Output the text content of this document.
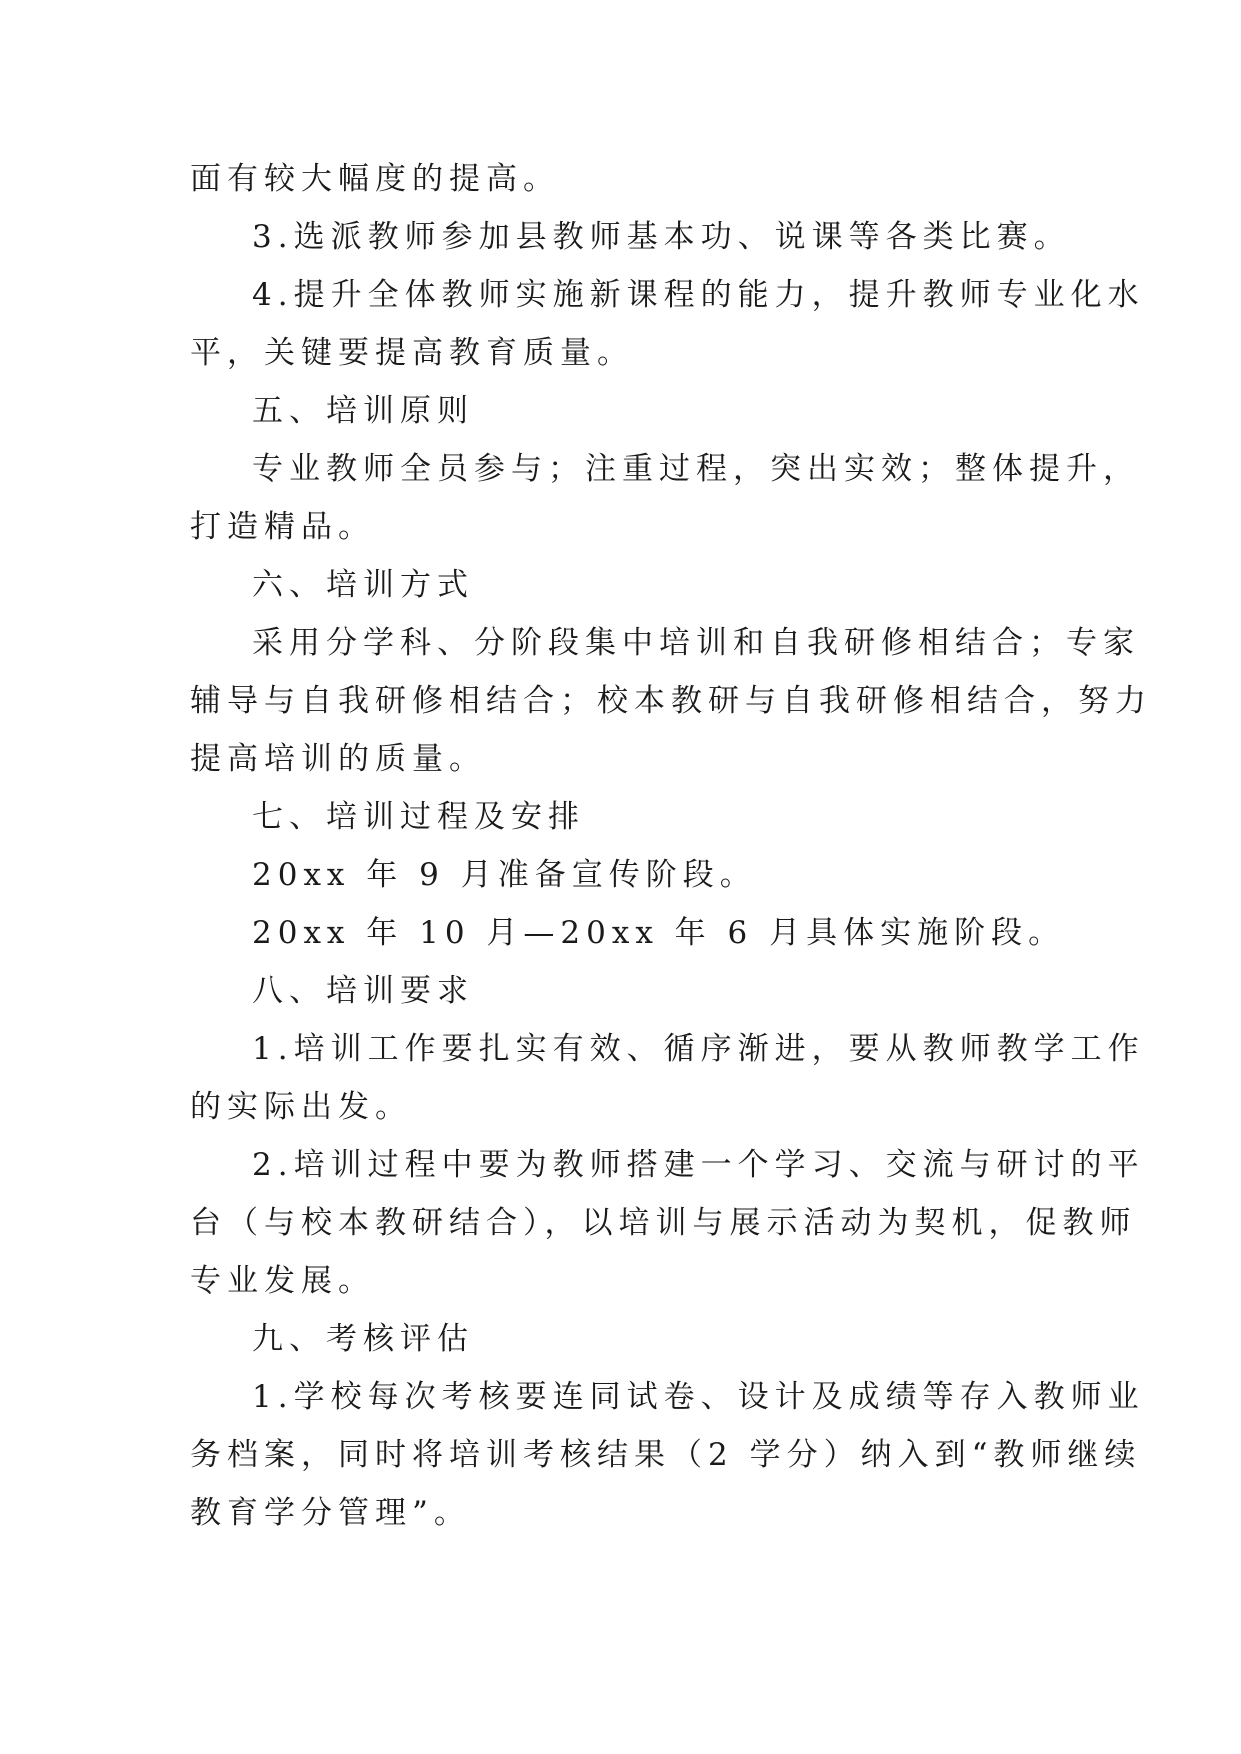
面有较大幅度的提高。

3.选派教师参加县教师基本功、说课等各类比赛。

4.提升全体教师实施新课程的能力，提升教师专业化水
平，关键要提高教育质量。

五、培训原则

专业教师全员参与；注重过程，突出实效；整体提升，
打造精品。

六、培训方式

采用分学科、分阶段集中培训和自我研修相结合；专家
辅导与自我研修相结合；校本教研与自我研修相结合，努力
提高培训的质量。

七、培训过程及安排

20xx 年 9 月准备宣传阶段。

20xx 年 10 月—20xx 年 6 月具体实施阶段。

八、培训要求

1.培训工作要扎实有效、循序渐进，要从教师教学工作
的实际出发。

2.培训过程中要为教师搭建一个学习、交流与研讨的平
台（与校本教研结合），以培训与展示活动为契机，促教师
专业发展。

九、考核评估

1.学校每次考核要连同试卷、设计及成绩等存入教师业
务档案，同时将培训考核结果（2 学分）纳入到“教师继续
教育学分管理”。
